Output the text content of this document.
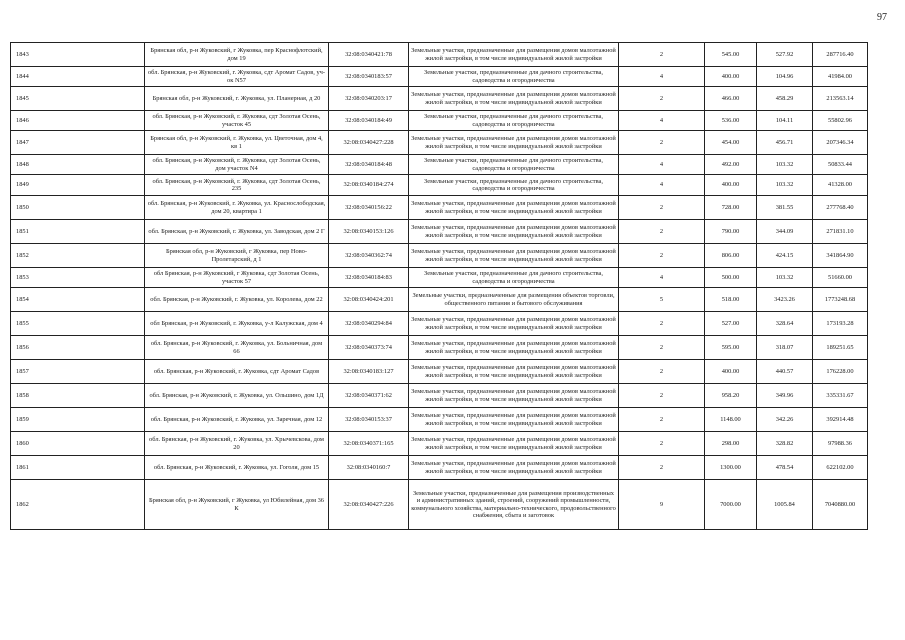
97
1843	Брянская обл, р-н Жуковский, г Жуковка, пер Краснофлотский, дом 19	32:08:0340421:78	Земельные участки, предназначенные для размещения домов малоэтажной жилой застройки, в том числе индивидуальной жилой застройки	2	545.00	527.92	287716.40
1844	обл. Брянская, р-н Жуковский, г. Жуковка, сдт Аромат Садов, уч-ок N57	32:08:0340183:57	Земельные участки, предназначенные для дачного строительства, садоводства и огородничества	4	400.00	104.96	41984.00
1845	Брянская обл, р-н Жуковский, г. Жуковка, ул. Планерная, д 20	32:08:0340203:17	Земельные участки, предназначенные для размещения домов малоэтажной жилой застройки, в том числе индивидуальной жилой застройки	2	466.00	458.29	213563.14
1846	обл. Брянская, р-н Жуковский, г. Жуковка, сдт Золотая Осень, участок 45	32:08:0340184:49	Земельные участки, предназначенные для дачного строительства, садоводства и огородничества	4	536.00	104.11	55802.96
1847	Брянская обл, р-н Жуковский, г. Жуковка, ул. Цветочная, дом 4, кв 1	32:08:0340427:228	Земельные участки, предназначенные для размещения домов малоэтажной жилой застройки, в том числе индивидуальной жилой застройки	2	454.00	456.71	207346.34
1848	обл. Брянская, р-н Жуковский, г. Жуковка, сдт Золотая Осень, дом участок N4	32:08:0340184:48	Земельные участки, предназначенные для дачного строительства, садоводства и огородничества	4	492.00	103.32	50833.44
1849	обл. Брянская, р-н Жуковский, г. Жуковка, сдт Золотая Осень, 235	32:08:0340184:274	Земельные участки, предназначенные для дачного строительства, садоводства и огородничества	4	400.00	103.32	41328.00
1850	обл. Брянская, р-н Жуковский, г. Жуковка, ул. Краснослободская, дом 20, квартира 1	32:08:0340156:22	Земельные участки, предназначенные для размещения домов малоэтажной жилой застройки, в том числе индивидуальной жилой застройки	2	728.00	381.55	277768.40
1851	обл. Брянская, р-н Жуковский, г. Жуковка, ул. Заводская, дом 2 Г	32:08:0340153:126	Земельные участки, предназначенные для размещения домов малоэтажной жилой застройки, в том числе индивидуальной жилой застройки	2	790.00	344.09	271831.10
1852	Брянская обл, р-н Жуковский, г Жуковка, пер Ново-Пролетарский, д 1	32:08:0340362:74	Земельные участки, предназначенные для размещения домов малоэтажной жилой застройки, в том числе индивидуальной жилой застройки	2	806.00	424.15	341864.90
1853	обл Брянская, р-н Жуковский, г Жуковка, сдт Золотая Осень, участок 57	32:08:0340184:83	Земельные участки, предназначенные для дачного строительства, садоводства и огородничества	4	500.00	103.32	51660.00
1854	обл. Брянская, р-н Жуковский, г. Жуковка, ул. Королева, дом 22	32:08:0340424:201	Земельные участки, предназначенные для размещения объектов торговли, общественного питания и бытового обслуживания	5	518.00	3423.26	1773248.68
1855	обл Брянская, р-н Жуковский, г. Жуковка, у-л Калужская, дом 4	32:08:0340294:84	Земельные участки, предназначенные для размещения домов малоэтажной жилой застройки, в том числе индивидуальной жилой застройки	2	527.00	328.64	173193.28
1856	обл. Брянская, р-н Жуковский, г. Жуковка, ул. Больничная, дом 66	32:08:0340373:74	Земельные участки, предназначенные для размещения домов малоэтажной жилой застройки, в том числе индивидуальной жилой застройки	2	595.00	318.07	189251.65
1857	обл. Брянская, р-н Жуковский, г. Жуковка, сдт Аромат Садов	32:08:0340183:127	Земельные участки, предназначенные для размещения домов малоэтажной жилой застройки, в том числе индивидуальной жилой застройки	2	400.00	440.57	176228.00
1858	обл. Брянская, р-н Жуковский, г. Жуковка, ул. Ольшино, дом 1Д	32:08:0340371:62	Земельные участки, предназначенные для размещения домов малоэтажной жилой застройки, в том числе индивидуальной жилой застройки	2	958.20	349.96	335331.67
1859	обл. Брянская, р-н Жуковский, г. Жуковка, ул. Заречная, дом 12	32:08:0340153:37	Земельные участки, предназначенные для размещения домов малоэтажной жилой застройки, в том числе индивидуальной жилой застройки	2	1148.00	342.26	392914.48
1860	обл. Брянская, р-н Жуковский, г. Жуковка, ул. Хрычевскова, дом 20	32:08:0340371:165	Земельные участки, предназначенные для размещения домов малоэтажной жилой застройки, в том числе индивидуальной жилой застройки	2	298.00	328.82	97988.36
1861	обл. Брянская, р-н Жуковский, г. Жуковка, ул. Гоголя, дом 15	32:08:0340160:7	Земельные участки, предназначенные для размещения домов малоэтажной жилой застройки, в том числе индивидуальной жилой застройки	2	1300.00	478.54	622102.00
1862	Брянская обл, р-н Жуковский, г Жуковка, ул Юбилейная, дом 36 К	32:08:0340427:226	Земельные участки, предназначенные для размещения производственных и административных зданий, строений, сооружений промышленности, коммунального хозяйства, материально-технического, продовольственного снабжения, сбыта и заготовок	9	7000.00	1005.84	7040880.00
